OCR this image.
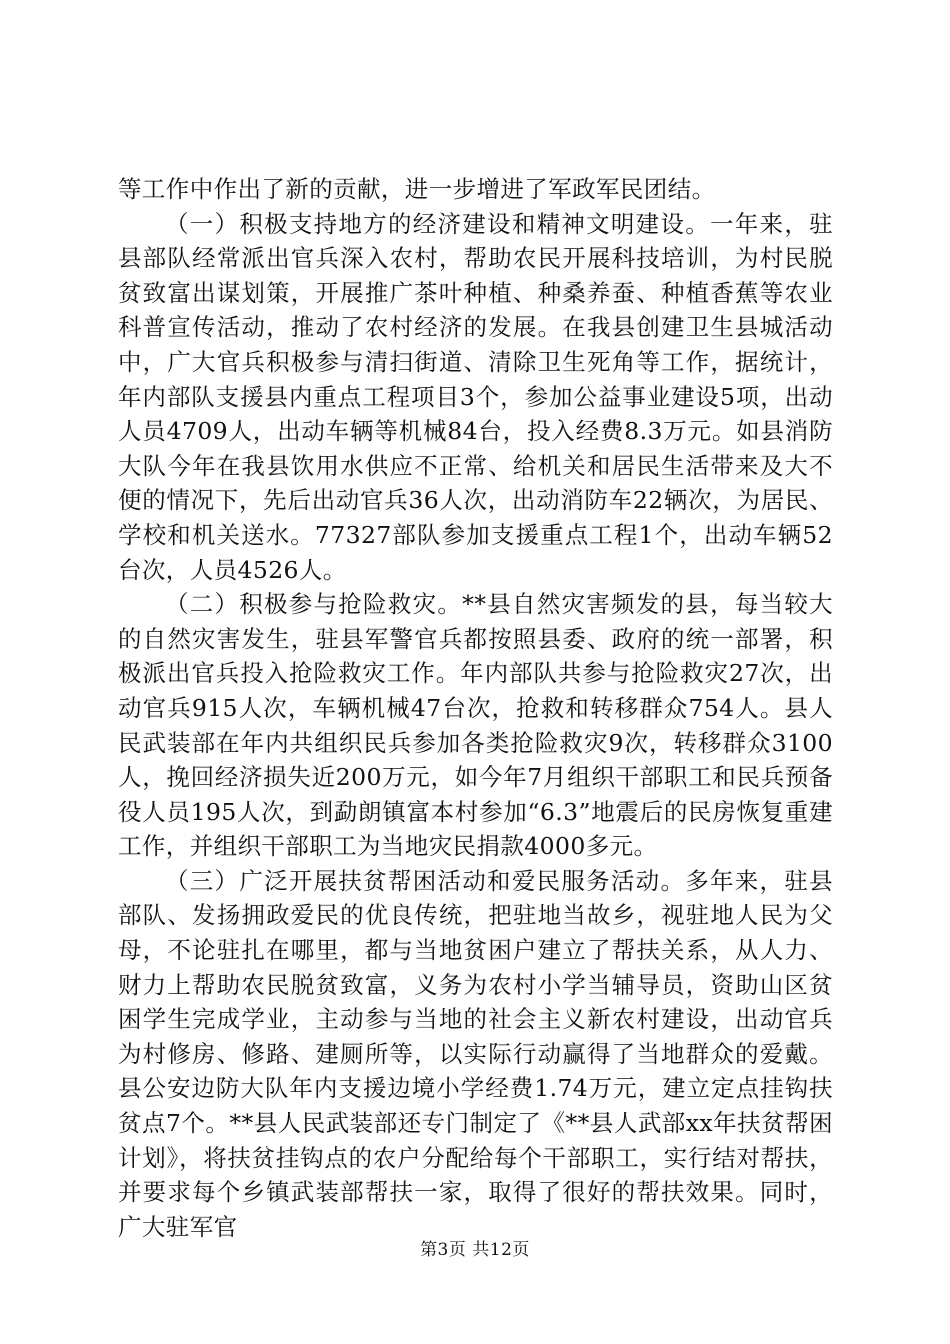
等工作中作出了新的贡献，进一步增进了军政军民团结。

（一）积极支持地方的经济建设和精神文明建设。一年来，驻县部队经常派出官兵深入农村，帮助农民开展科技培训，为村民脱贫致富出谋划策，开展推广茶叶种植、种桑养蚕、种植香蕉等农业科普宣传活动，推动了农村经济的发展。在我县创建卫生县城活动中，广大官兵积极参与清扫街道、清除卫生死角等工作，据统计，年内部队支援县内重点工程项目3个，参加公益事业建设5项，出动人员4709人，出动车辆等机械84台，投入经费8.3万元。如县消防大队今年在我县饮用水供应不正常、给机关和居民生活带来及大不便的情况下，先后出动官兵36人次，出动消防车22辆次，为居民、学校和机关送水。77327部队参加支援重点工程1个，出动车辆52台次，人员4526人。

（二）积极参与抢险救灾。**县自然灾害频发的县，每当较大的自然灾害发生，驻县军警官兵都按照县委、政府的统一部署，积极派出官兵投入抢险救灾工作。年内部队共参与抢险救灾27次，出动官兵915人次，车辆机械47台次，抢救和转移群众754人。县人民武装部在年内共组织民兵参加各类抢险救灾9次，转移群众3100人，挽回经济损失近200万元，如今年7月组织干部职工和民兵预备役人员195人次，到勐朗镇富本村参加“6.3”地震后的民房恢复重建工作，并组织干部职工为当地灾民捐款4000多元。

（三）广泛开展扶贫帮困活动和爱民服务活动。多年来，驻县部队、发扬拥政爱民的优良传统，把驻地当故乡，视驻地人民为父母，不论驻扎在哪里，都与当地贫困户建立了帮扶关系，从人力、财力上帮助农民脱贫致富，义务为农村小学当辅导员，资助山区贫困学生完成学业，主动参与当地的社会主义新农村建设，出动官兵为村修房、修路、建厕所等，以实际行动赢得了当地群众的爱戴。县公安边防大队年内支援边境小学经费1.74万元，建立定点挂钩扶贫点7个。**县人民武装部还专门制定了《**县人武部xx年扶贫帮困计划》，将扶贫挂钩点的农户分配给每个干部职工，实行结对帮扶，并要求每个乡镇武装部帮扶一家，取得了很好的帮扶效果。同时，广大驻军官

第3页 共12页
